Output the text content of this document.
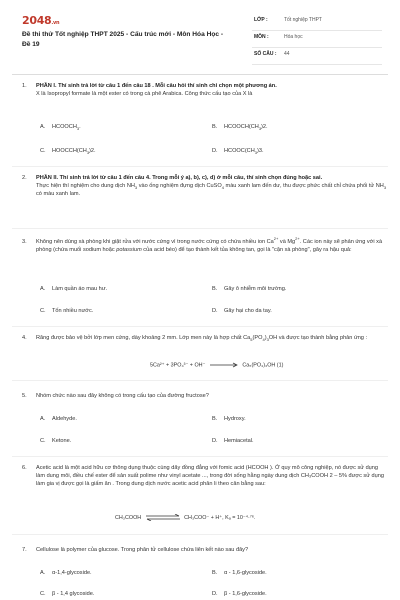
2048.vn
Đề thi thử Tốt nghiệp THPT 2025 - Cấu trúc mới - Môn Hóa Học - Đề 19
LỚP :	Tốt nghiệp THPT
MÔN :	Hóa học
SỐ CÂU : 44
1. PHẦN I. Thí sinh trả lời từ câu 1 đến câu 18 . Mỗi câu hỏi thí sinh chỉ chọn một phương án.
X là Isopropyl formate là một ester có trong cà phê Arabica. Công thức cấu tạo của X là
A. $HCOOCH_3$.	B. $HCOOCH(CH_3)2$.
C. $HOOCCH(CH_3)2$.	D. $HCOOC(CH_3)3$.
2. PHẦN II. Thí sinh trả lời từ câu 1 đến câu 4. Trong mỗi ý a), b), c), d) ở mỗi câu, thí sinh chọn đúng hoặc sai.
Thực hiện thí nghiệm cho dung dịch $NH_3$ vào ống nghiệm đựng dịch CuSO$_4$ màu xanh lam đến dư, thu được phức chất chỉ chứa phối tử $NH_3$ có màu xanh lam.
3. Không nên dùng xà phòng khi giặt rửa với nước cứng vì trong nước cứng có chứa nhiều ion $Ca^{2+}$ và $Mg^{2+}$. Các ion này sẽ phản ứng với xà phòng (chứa muối sodium hoặc potassium của acid béo) để tạo thành kết tủa không tan, gọi là "cặn xà phòng", gây ra hậu quả:
A. Làm quần áo mau hư.	B. Gây ô nhiễm môi trường.
C. Tốn nhiều nước.	D. Gây hại cho da tay.
4. Răng được bảo vệ bởi lớp men cứng, dày khoảng 2 mm. Lớp men này là hợp chất $Ca_5(PO_4)_3OH$ và được tạo thành bằng phản ứng :
5Ca²⁺ + 3PO₄³⁻ + OH⁻	Ca₅(PO₄)₃OH (1)
5. Nhóm chức nào sau đây không có trong cấu tạo của đường fructose?
A. Aldehyde.	B. Hydroxy.
C. Ketone.	D. Hemiacetal.
6. Acetic acid là một acid hữu cơ thông dụng thuộc cùng dãy đồng đẳng với fomic acid (HCOOH ). Ở quy mô công nghiệp, nó được sử dụng làm dung môi, điều chế ester để sản xuất polime như vinyl acetate ..., trong đời sống hằng ngày dung dịch CH₃COOH 2 – 5% được sử dụng làm gia vị được gọi là giấm ăn . Trong dung dịch nước acetic acid phân li theo cân bằng sau:
CH₃COOH	CH₃COO⁻ + H⁺, Kₐ = 10⁻⁴·⁷⁶.
7. Cellulose là polymer của glucose. Trong phân tử cellulose chứa liên kết nào sau đây?
A. α-1,4-glycoside.	B. α - 1,6-glycoside.
C. β - 1,4 glycoside.	D. β - 1,6-glycoside.
